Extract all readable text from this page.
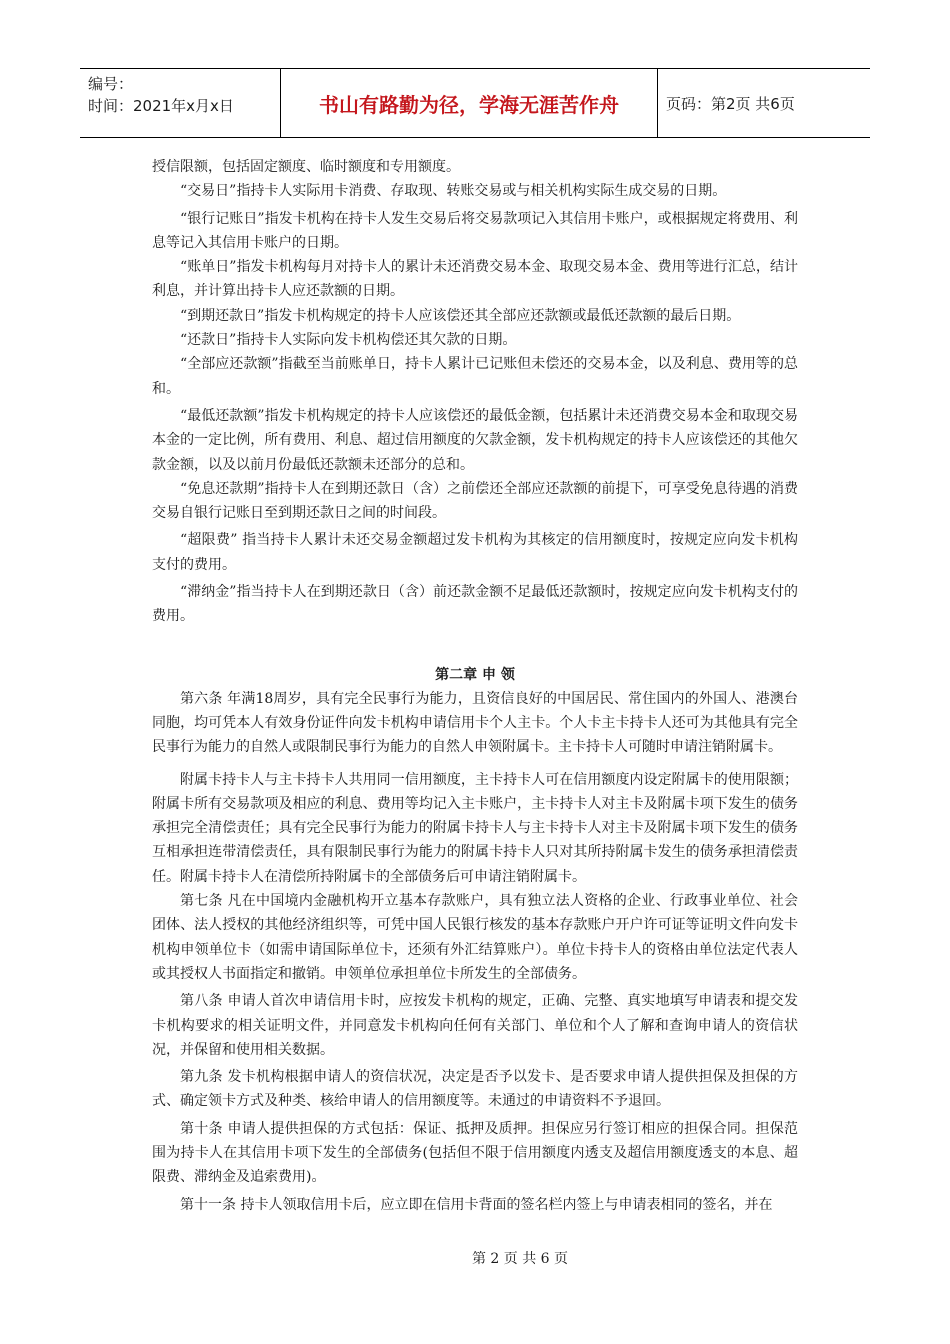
编号：
时间：2021年x月x日	书山有路勤为径，学海无涯苦作舟	页码：第2页 共6页

授信限额，包括固定额度、临时额度和专用额度。

“交易日”指持卡人实际用卡消费、存取现、转账交易或与相关机构实际生成交易的日期。

“银行记账日”指发卡机构在持卡人发生交易后将交易款项记入其信用卡账户，或根据规定将费用、利息等记入其信用卡账户的日期。

“账单日”指发卡机构每月对持卡人的累计未还消费交易本金、取现交易本金、费用等进行汇总，结计利息，并计算出持卡人应还款额的日期。

“到期还款日”指发卡机构规定的持卡人应该偿还其全部应还款额或最低还款额的最后日期。

“还款日”指持卡人实际向发卡机构偿还其欠款的日期。

“全部应还款额”指截至当前账单日，持卡人累计已记账但未偿还的交易本金，以及利息、费用等的总和。

“最低还款额”指发卡机构规定的持卡人应该偿还的最低金额，包括累计未还消费交易本金和取现交易本金的一定比例，所有费用、利息、超过信用额度的欠款金额，发卡机构规定的持卡人应该偿还的其他欠款金额，以及以前月份最低还款额未还部分的总和。

“免息还款期”指持卡人在到期还款日（含）之前偿还全部应还款额的前提下，可享受免息待遇的消费交易自银行记账日至到期还款日之间的时间段。

“超限费” 指当持卡人累计未还交易金额超过发卡机构为其核定的信用额度时，按规定应向发卡机构支付的费用。

“滞纳金”指当持卡人在到期还款日（含）前还款金额不足最低还款额时，按规定应向发卡机构支付的费用。

第二章 申 领

第六条 年满18周岁，具有完全民事行为能力，且资信良好的中国居民、常住国内的外国人、港澳台同胞，均可凭本人有效身份证件向发卡机构申请信用卡个人主卡。个人卡主卡持卡人还可为其他具有完全民事行为能力的自然人或限制民事行为能力的自然人申领附属卡。主卡持卡人可随时申请注销附属卡。

附属卡持卡人与主卡持卡人共用同一信用额度，主卡持卡人可在信用额度内设定附属卡的使用限额；附属卡所有交易款项及相应的利息、费用等均记入主卡账户，主卡持卡人对主卡及附属卡项下发生的债务承担完全清偿责任；具有完全民事行为能力的附属卡持卡人与主卡持卡人对主卡及附属卡项下发生的债务互相承担连带清偿责任，具有限制民事行为能力的附属卡持卡人只对其所持附属卡发生的债务承担清偿责任。附属卡持卡人在清偿所持附属卡的全部债务后可申请注销附属卡。

第七条 凡在中国境内金融机构开立基本存款账户，具有独立法人资格的企业、行政事业单位、社会团体、法人授权的其他经济组织等，可凭中国人民银行核发的基本存款账户开户许可证等证明文件向发卡机构申领单位卡（如需申请国际单位卡，还须有外汇结算账户）。单位卡持卡人的资格由单位法定代表人或其授权人书面指定和撤销。申领单位承担单位卡所发生的全部债务。

第八条 申请人首次申请信用卡时，应按发卡机构的规定，正确、完整、真实地填写申请表和提交发卡机构要求的相关证明文件，并同意发卡机构向任何有关部门、单位和个人了解和查询申请人的资信状况，并保留和使用相关数据。

第九条 发卡机构根据申请人的资信状况，决定是否予以发卡、是否要求申请人提供担保及担保的方式、确定领卡方式及种类、核给申请人的信用额度等。未通过的申请资料不予退回。

第十条 申请人提供担保的方式包括：保证、抵押及质押。担保应另行签订相应的担保合同。担保范围为持卡人在其信用卡项下发生的全部债务(包括但不限于信用额度内透支及超信用额度透支的本息、超限费、滞纳金及追索费用)。

第十一条 持卡人领取信用卡后，应立即在信用卡背面的签名栏内签上与申请表相同的签名，并在

第 2 页 共 6 页
